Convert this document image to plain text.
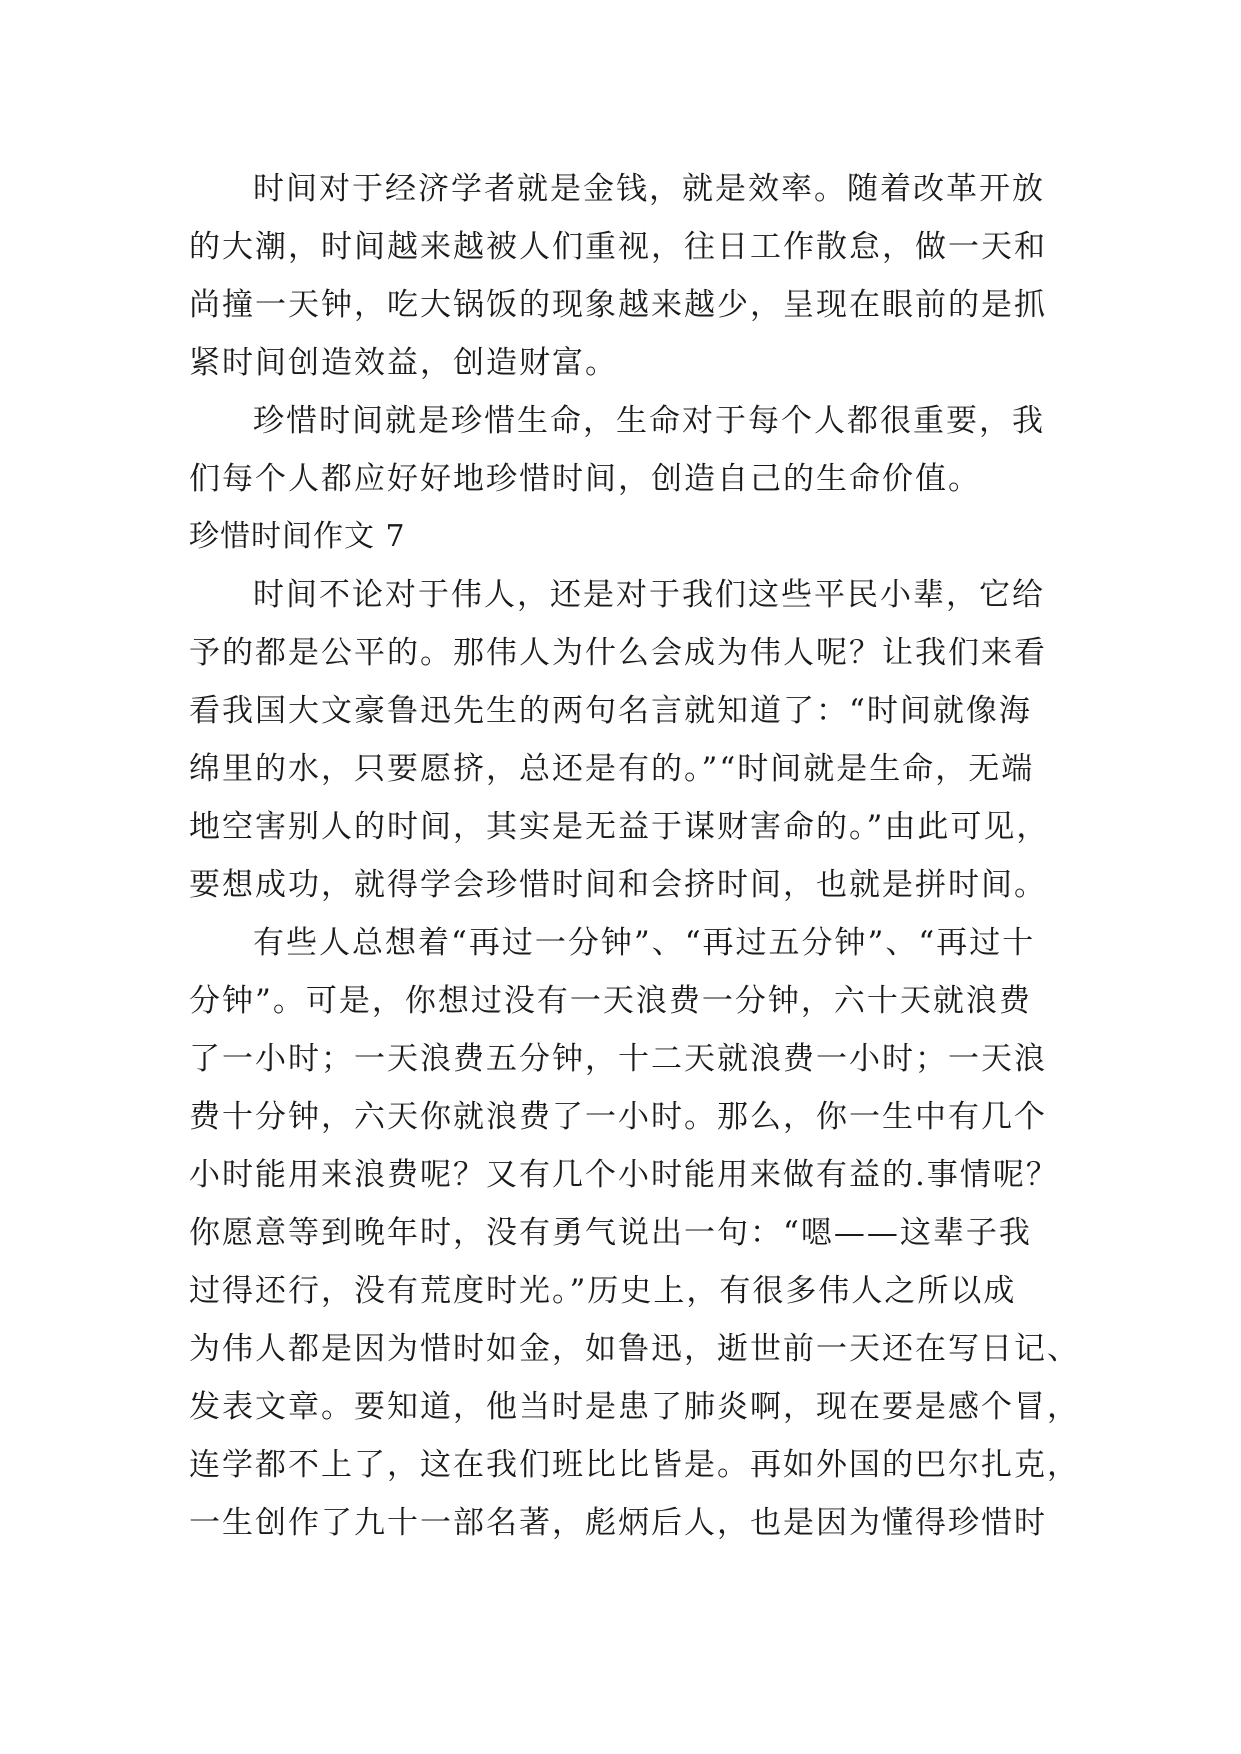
时间对于经济学者就是金钱，就是效率。随着改革开放
的大潮，时间越来越被人们重视，往日工作散怠，做一天和
尚撞一天钟，吃大锅饭的现象越来越少，呈现在眼前的是抓
紧时间创造效益，创造财富。
珍惜时间就是珍惜生命，生命对于每个人都很重要，我
们每个人都应好好地珍惜时间，创造自己的生命价值。
珍惜时间作文 7
时间不论对于伟人，还是对于我们这些平民小辈，它给
予的都是公平的。那伟人为什么会成为伟人呢？让我们来看
看我国大文豪鲁迅先生的两句名言就知道了：“时间就像海
绵里的水，只要愿挤，总还是有的。”“时间就是生命，无端
地空害别人的时间，其实是无益于谋财害命的。”由此可见，
要想成功，就得学会珍惜时间和会挤时间，也就是拼时间。
有些人总想着“再过一分钟”、“再过五分钟”、“再过十
分钟”。可是，你想过没有一天浪费一分钟，六十天就浪费
了一小时；一天浪费五分钟，十二天就浪费一小时；一天浪
费十分钟，六天你就浪费了一小时。那么，你一生中有几个
小时能用来浪费呢？又有几个小时能用来做有益的.事情呢？
你愿意等到晚年时，没有勇气说出一句：“嗯——这辈子我
过得还行，没有荒度时光。”历史上，有很多伟人之所以成
为伟人都是因为惜时如金，如鲁迅，逝世前一天还在写日记、
发表文章。要知道，他当时是患了肺炎啊，现在要是感个冒，
连学都不上了，这在我们班比比皆是。再如外国的巴尔扎克，
一生创作了九十一部名著，彪炳后人，也是因为懂得珍惜时
